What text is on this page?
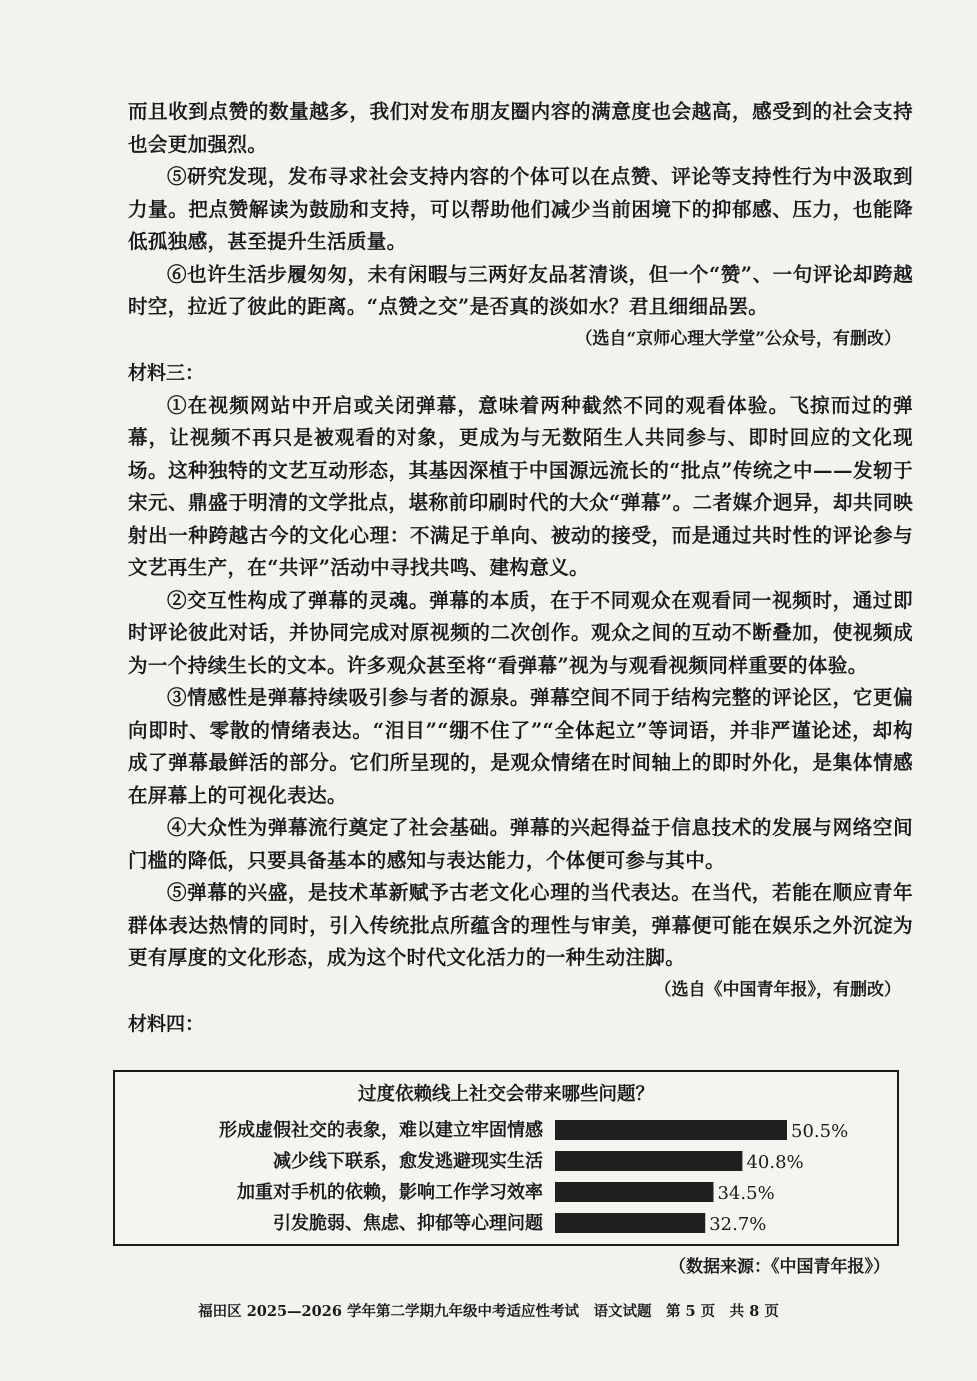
而且收到点赞的数量越多，我们对发布朋友圈内容的满意度也会越高，感受到的社会支持也会更加强烈。

⑤研究发现，发布寻求社会支持内容的个体可以在点赞、评论等支持性行为中汲取到力量。把点赞解读为鼓励和支持，可以帮助他们减少当前困境下的抑郁感、压力，也能降低孤独感，甚至提升生活质量。

⑥也许生活步履匆匆，未有闲暇与三两好友品茗清谈，但一个“赞”、一句评论却跨越时空，拉近了彼此的距离。“点赞之交”是否真的淡如水？君且细细品罢。

（选自“京师心理大学堂”公众号，有删改）

材料三：

①在视频网站中开启或关闭弹幕，意味着两种截然不同的观看体验。飞掠而过的弹幕，让视频不再只是被观看的对象，更成为与无数陌生人共同参与、即时回应的文化现场。这种独特的文艺互动形态，其基因深植于中国源远流长的“批点”传统之中——发轫于宋元、鼎盛于明清的文学批点，堪称前印刷时代的大众“弹幕”。二者媒介迥异，却共同映射出一种跨越古今的文化心理：不满足于单向、被动的接受，而是通过共时性的评论参与文艺再生产，在“共评”活动中寻找共鸣、建构意义。

②交互性构成了弹幕的灵魂。弹幕的本质，在于不同观众在观看同一视频时，通过即时评论彼此对话，并协同完成对原视频的二次创作。观众之间的互动不断叠加，使视频成为一个持续生长的文本。许多观众甚至将“看弹幕”视为与观看视频同样重要的体验。

③情感性是弹幕持续吸引参与者的源泉。弹幕空间不同于结构完整的评论区，它更偏向即时、零散的情绪表达。“泪目”“绷不住了”“全体起立”等词语，并非严谨论述，却构成了弹幕最鲜活的部分。它们所呈现的，是观众情绪在时间轴上的即时外化，是集体情感在屏幕上的可视化表达。

④大众性为弹幕流行奠定了社会基础。弹幕的兴起得益于信息技术的发展与网络空间门槛的降低，只要具备基本的感知与表达能力，个体便可参与其中。

⑤弹幕的兴盛，是技术革新赋予古老文化心理的当代表达。在当代，若能在顺应青年群体表达热情的同时，引入传统批点所蕴含的理性与审美，弹幕便可能在娱乐之外沉淀为更有厚度的文化形态，成为这个时代文化活力的一种生动注脚。

（选自《中国青年报》，有删改）

材料四：

过度依赖线上社交会带来哪些问题？
形成虚假社交的表象，难以建立牢固情感	50.5%
减少线下联系，愈发逃避现实生活	40.8%
加重对手机的依赖，影响工作学习效率	34.5%
引发脆弱、焦虑、抑郁等心理问题	32.7%
（数据来源：《中国青年报》）
福田区 2025—2026 学年第二学期九年级中考适应性考试　语文试题　第 5 页　共 8 页
